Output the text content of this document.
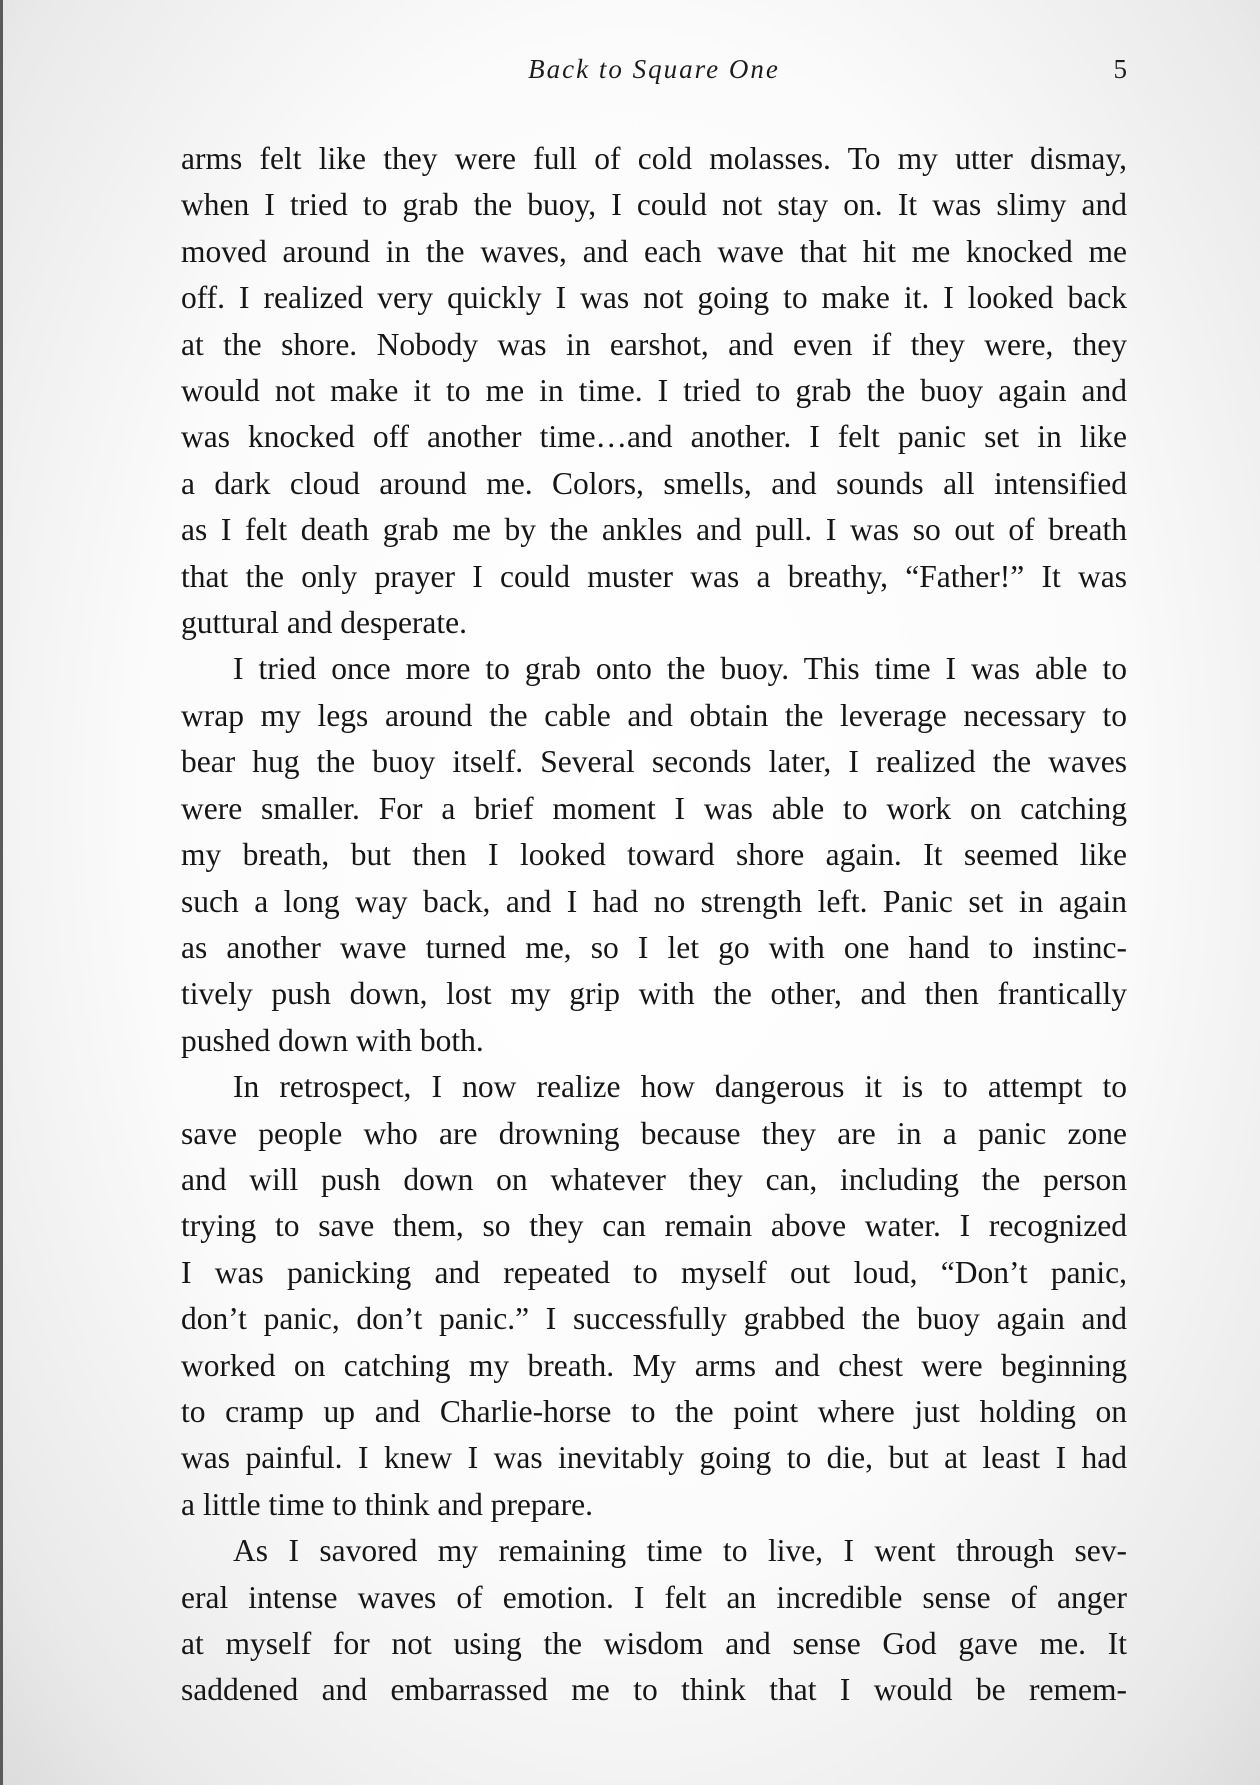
Back to Square One	5
arms felt like they were full of cold molasses. To my utter dismay,
when I tried to grab the buoy, I could not stay on. It was slimy and
moved around in the waves, and each wave that hit me knocked me
off. I realized very quickly I was not going to make it. I looked back
at the shore. Nobody was in earshot, and even if they were, they
would not make it to me in time. I tried to grab the buoy again and
was knocked off another time…and another. I felt panic set in like
a dark cloud around me. Colors, smells, and sounds all intensified
as I felt death grab me by the ankles and pull. I was so out of breath
that the only prayer I could muster was a breathy, “Father!” It was
guttural and desperate.
I tried once more to grab onto the buoy. This time I was able to
wrap my legs around the cable and obtain the leverage necessary to
bear hug the buoy itself. Several seconds later, I realized the waves
were smaller. For a brief moment I was able to work on catching
my breath, but then I looked toward shore again. It seemed like
such a long way back, and I had no strength left. Panic set in again
as another wave turned me, so I let go with one hand to instinc-
tively push down, lost my grip with the other, and then frantically
pushed down with both.
In retrospect, I now realize how dangerous it is to attempt to
save people who are drowning because they are in a panic zone
and will push down on whatever they can, including the person
trying to save them, so they can remain above water. I recognized
I was panicking and repeated to myself out loud, “Don’t panic,
don’t panic, don’t panic.” I successfully grabbed the buoy again and
worked on catching my breath. My arms and chest were beginning
to cramp up and Charlie-horse to the point where just holding on
was painful. I knew I was inevitably going to die, but at least I had
a little time to think and prepare.
As I savored my remaining time to live, I went through sev-
eral intense waves of emotion. I felt an incredible sense of anger
at myself for not using the wisdom and sense God gave me. It
saddened and embarrassed me to think that I would be remem-
